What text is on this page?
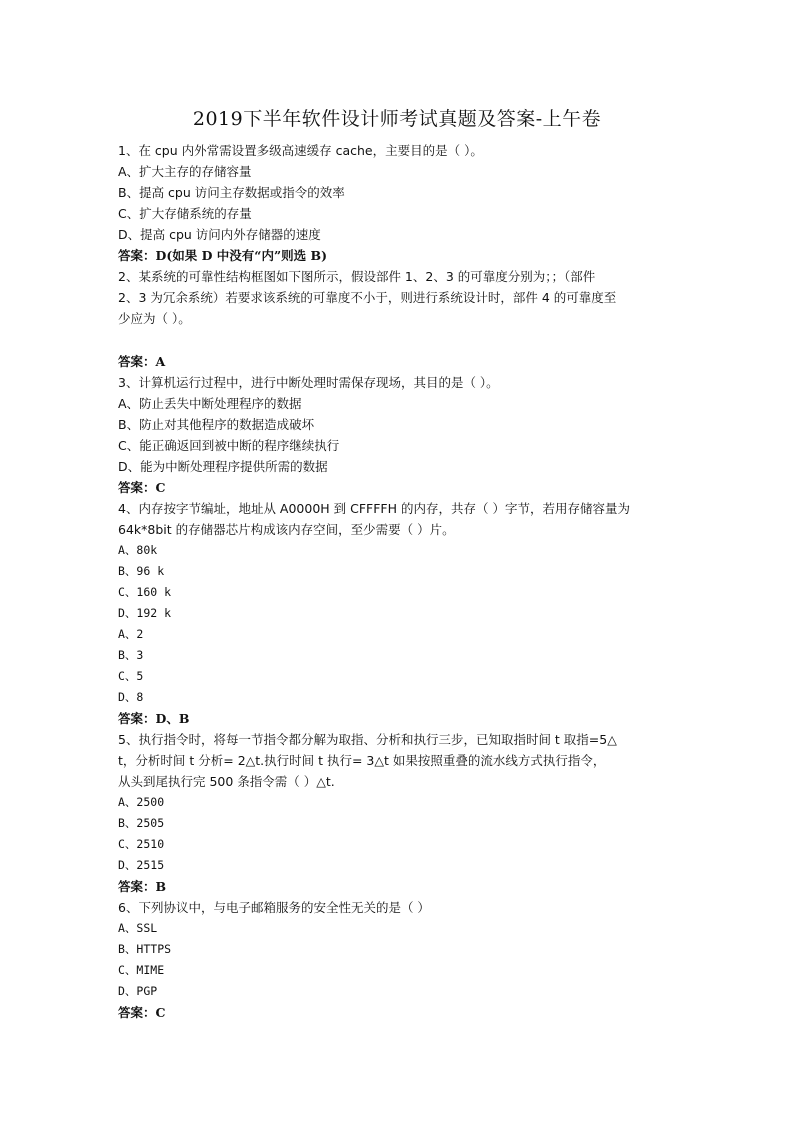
2019下半年软件设计师考试真题及答案-上午卷
1、在 cpu 内外常需设置多级高速缓存 cache，主要目的是（ ）。
A、扩大主存的存储容量
B、提高 cpu 访问主存数据或指令的效率
C、扩大存储系统的存量
D、提高 cpu 访问内外存储器的速度
答案：D(如果 D 中没有“内”则选 B)
2、某系统的可靠性结构框图如下图所示，假设部件 1、2、3 的可靠度分别为；；（部件
2、3 为冗余系统）若要求该系统的可靠度不小于，则进行系统设计时，部件 4 的可靠度至
少应为（ ）。
答案：A
3、计算机运行过程中，进行中断处理时需保存现场，其目的是（ ）。
A、防止丢失中断处理程序的数据
B、防止对其他程序的数据造成破坏
C、能正确返回到被中断的程序继续执行
D、能为中断处理程序提供所需的数据
答案：C
4、内存按字节编址，地址从 A0000H 到 CFFFFH 的内存，共存（ ）字节，若用存储容量为
64k*8bit 的存储器芯片构成该内存空间，至少需要（ ）片。
A、80k
B、96 k
C、160 k
D、192 k
A、2
B、3
C、5
D、8
答案：D、B
5、执行指令时，将每一节指令都分解为取指、分析和执行三步，已知取指时间 t 取指=5△
t，分析时间 t 分析= 2△t.执行时间 t 执行= 3△t 如果按照重叠的流水线方式执行指令，
从头到尾执行完 500 条指令需（ ）△t.
A、2500
B、2505
C、2510
D、2515
答案：B
6、下列协议中，与电子邮箱服务的安全性无关的是（ ）
A、SSL
B、HTTPS
C、MIME
D、PGP
答案：C
